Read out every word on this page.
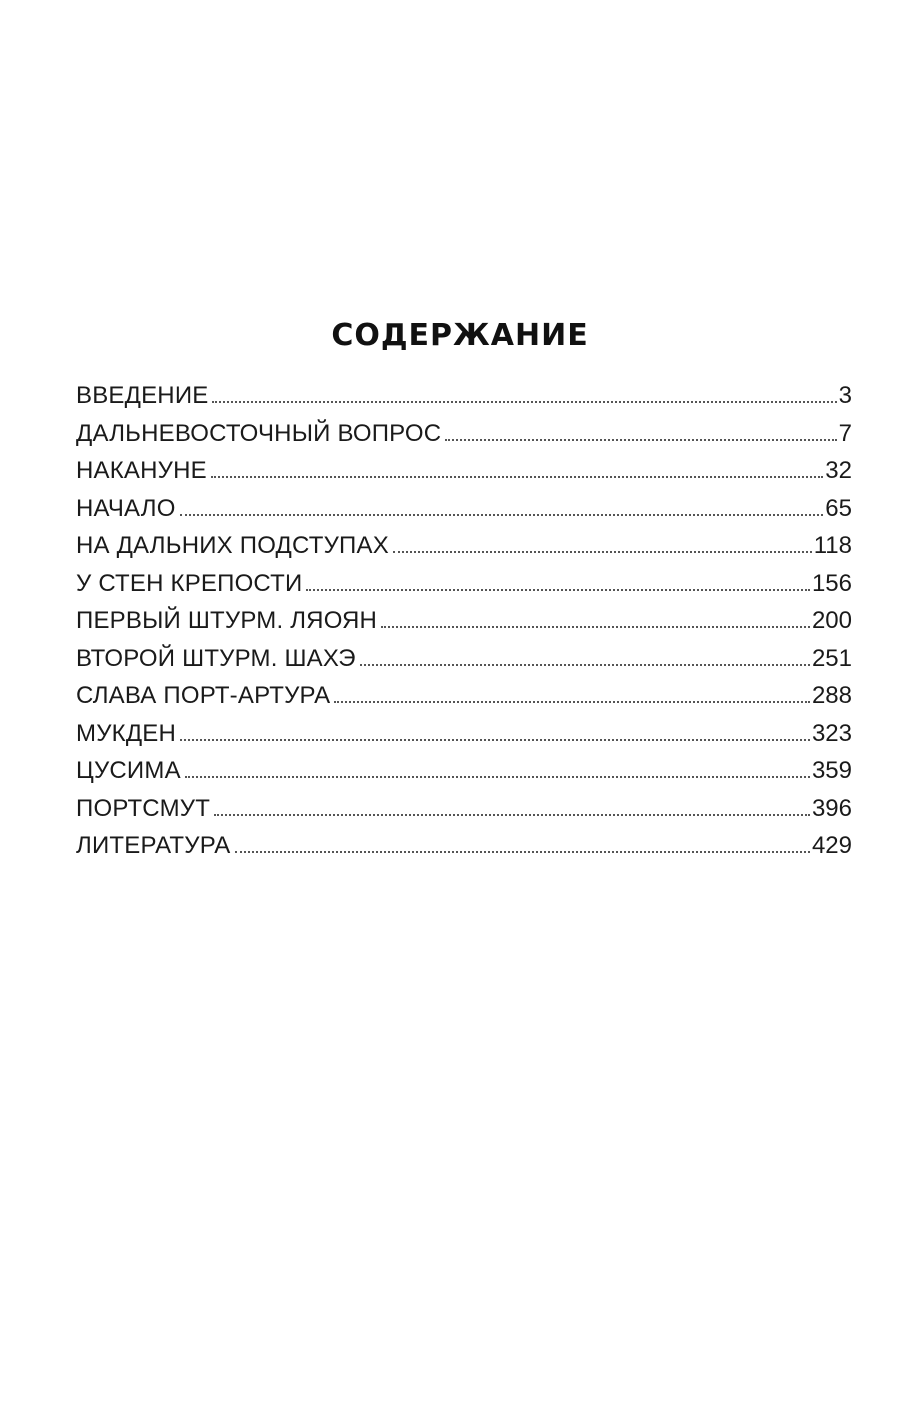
СОДЕРЖАНИЕ
ВВЕДЕНИЕ	3
ДАЛЬНЕВОСТОЧНЫЙ ВОПРОС	7
НАКАНУНЕ	32
НАЧАЛО	65
НА ДАЛЬНИХ ПОДСТУПАХ	118
У СТЕН КРЕПОСТИ	156
ПЕРВЫЙ ШТУРМ. ЛЯОЯН	200
ВТОРОЙ ШТУРМ. ШАХЭ	251
СЛАВА ПОРТ-АРТУРА	288
МУКДЕН	323
ЦУСИМА	359
ПОРТСМУТ	396
ЛИТЕРАТУРА	429
